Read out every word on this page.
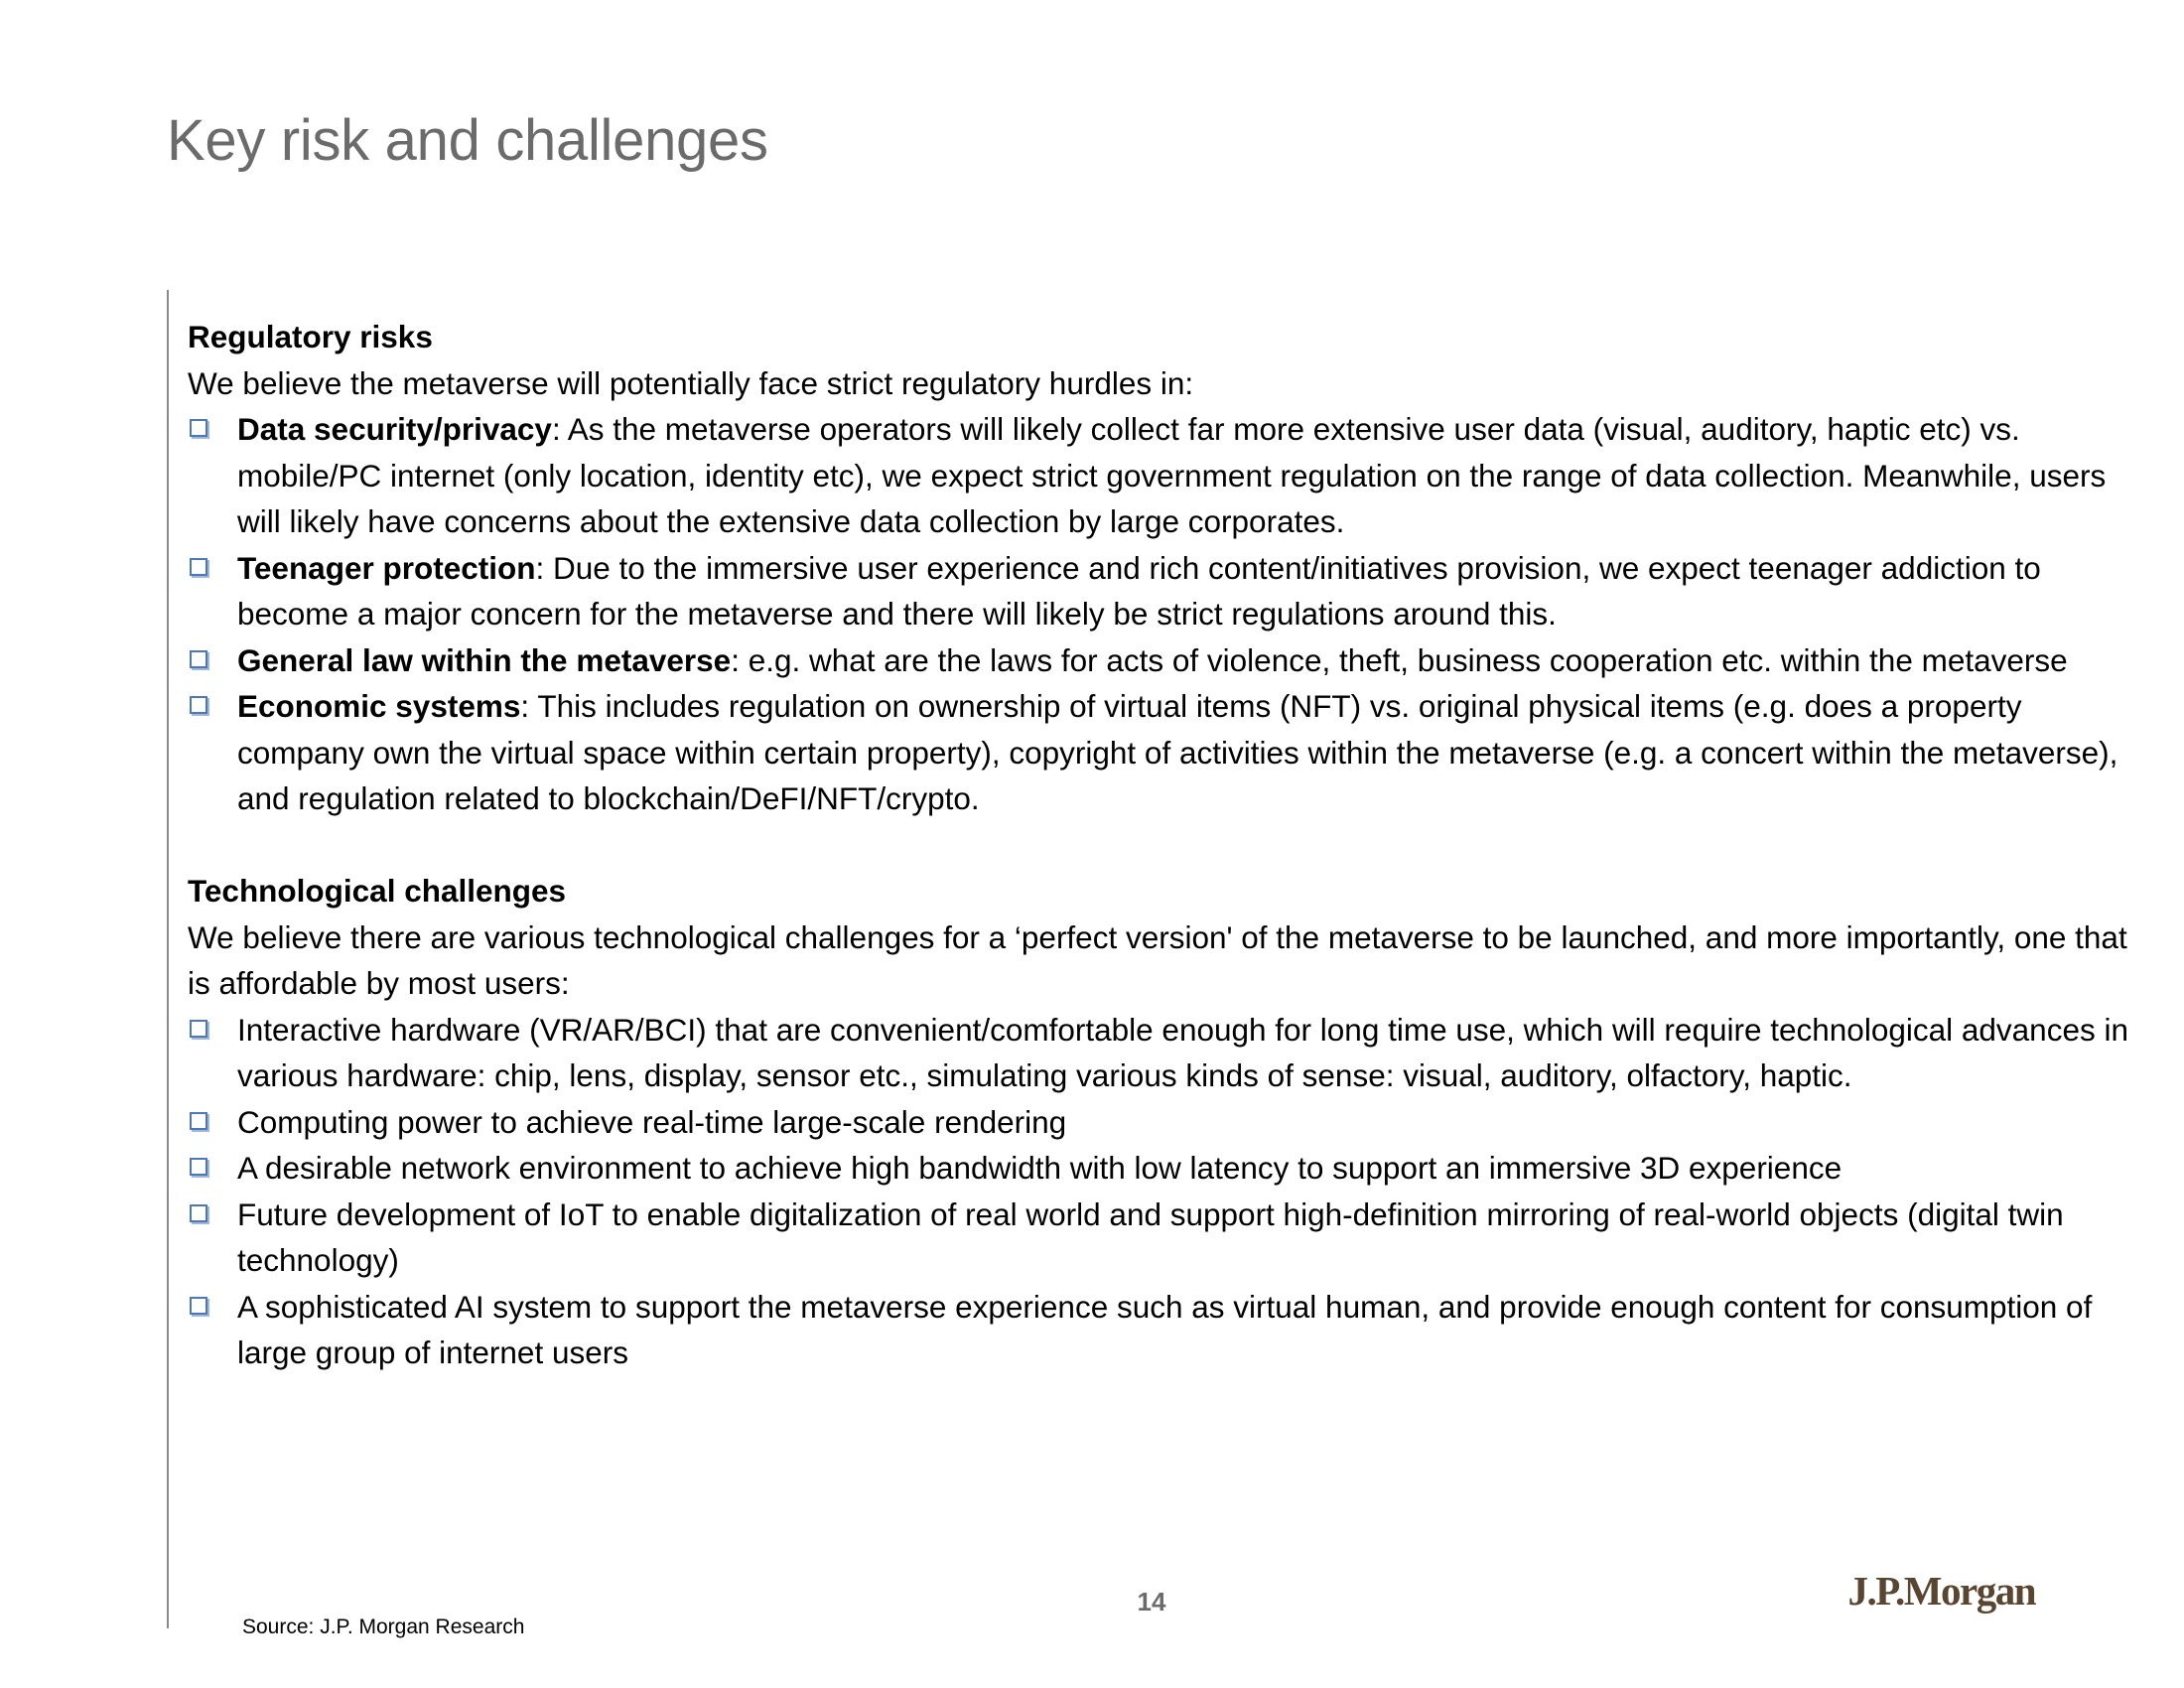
Key risk and challenges

Regulatory risks

We believe the metaverse will potentially face strict regulatory hurdles in:

Data security/privacy: As the metaverse operators will likely collect far more extensive user data (visual, auditory, haptic etc) vs. mobile/PC internet (only location, identity etc), we expect strict government regulation on the range of data collection. Meanwhile, users will likely have concerns about the extensive data collection by large corporates.
Teenager protection: Due to the immersive user experience and rich content/initiatives provision, we expect teenager addiction to become a major concern for the metaverse and there will likely be strict regulations around this.
General law within the metaverse: e.g. what are the laws for acts of violence, theft, business cooperation etc. within the metaverse
Economic systems: This includes regulation on ownership of virtual items (NFT) vs. original physical items (e.g. does a property company own the virtual space within certain property), copyright of activities within the metaverse (e.g. a concert within the metaverse), and regulation related to blockchain/DeFI/NFT/crypto.

Technological challenges

We believe there are various technological challenges for a ‘perfect version' of the metaverse to be launched, and more importantly, one that is affordable by most users:

Interactive hardware (VR/AR/BCI) that are convenient/comfortable enough for long time use, which will require technological advances in various hardware: chip, lens, display, sensor etc., simulating various kinds of sense: visual, auditory, olfactory, haptic.
Computing power to achieve real-time large-scale rendering
A desirable network environment to achieve high bandwidth with low latency to support an immersive 3D experience
Future development of IoT to enable digitalization of real world and support high-definition mirroring of real-world objects (digital twin technology)
A sophisticated AI system to support the metaverse experience such as virtual human, and provide enough content for consumption of large group of internet users
14	J.P.Morgan
Source: J.P. Morgan Research
